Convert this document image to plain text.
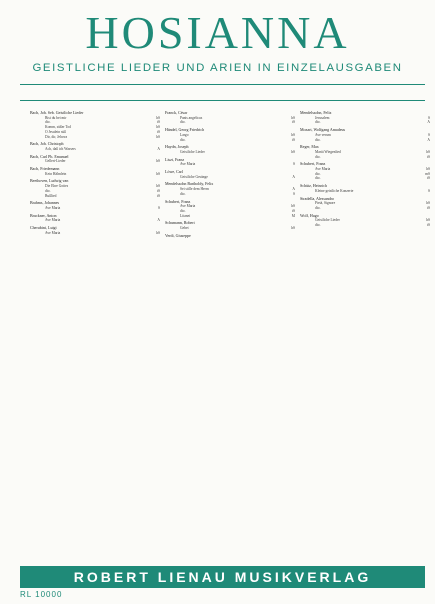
HOSIANNA
GEISTLICHE LIEDER UND ARIEN IN EINZELAUSGABEN
Bach, Joh. Seb. Geistliche Lieder
Bist du bei mir	hS
dto.	tS
Komm, süßer Tod	hS
O Jesulein süß	tS
Dir, dir, Jehova	hS
Bach, Joh. Christoph
Ach, daß ich Wassers	A
Bach, Carl Ph. Emanuel
Gellert-Lieder	hS
Bach, Friedemann
Kein Hälmlein	hS
Beethoven, Ludwig van
Die Ehre Gottes	hS
dto.	tS
Bußlied	tS
Brahms, Johannes
Ave Maria	S
Bruckner, Anton
Ave Maria	A
Cherubini, Luigi
Ave Maria	hS
Franck, César
Panis angelicus	hS
dto.	tS
Händel, Georg Friedrich
Largo	hS
dto.	tS
Haydn, Joseph
Geistliche Lieder	hS
Liszt, Franz
Ave Maria	S
Löwe, Carl
Geistliche Gesänge	A
Mendelssohn Bartholdy, Felix
Sei stille dem Herrn	A
dto.	S
Schubert, Franz
Ave Maria	hS
dto.	tS
Litanei	M
Schumann, Robert
Gebet	hS
Verdi, Giuseppe
Mendelssohn, Felix
Jerusalem	S
dto.	A
Mozart, Wolfgang Amadeus
Ave verum	S
dto.	A
Reger, Max
Mariä Wiegenlied	hS
dto.	tS
Schubert, Franz
Ave Maria	hS
dto.	mS
dto.	tS
Schütz, Heinrich
Kleine geistliche Konzerte	S
Stradella, Alessandro
Pietà, Signore	hS
dto.	tS
Wolf, Hugo
Geistliche Lieder	hS
dto.	tS
ROBERT LIENAU MUSIKVERLAG
RL 10000
